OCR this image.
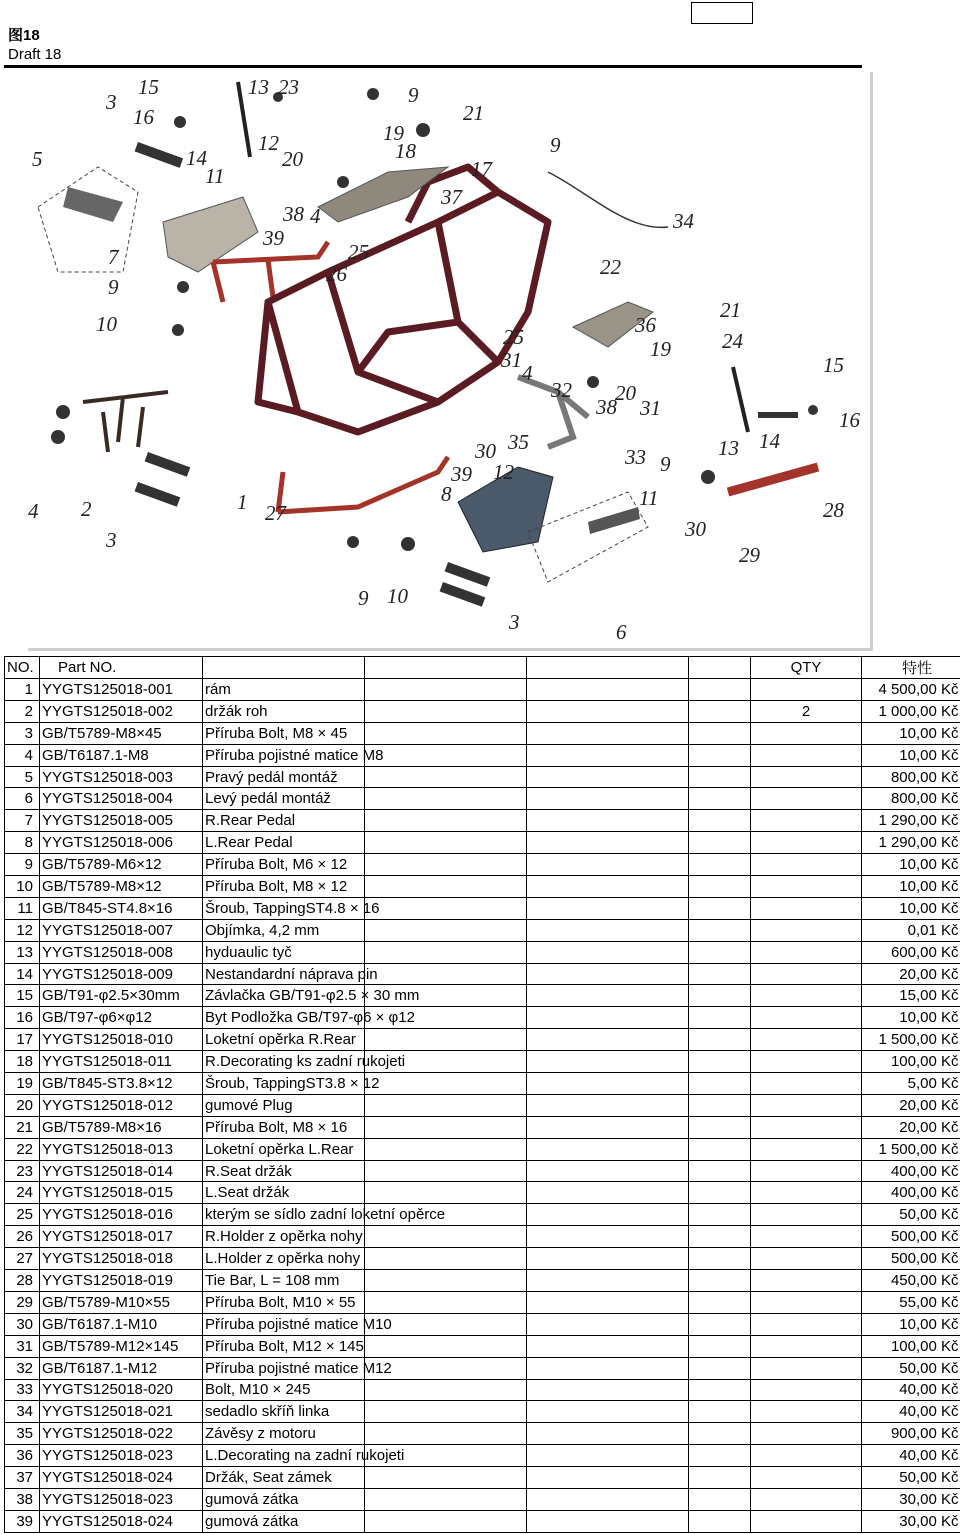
图18
Draft 18
15
3
16
13 23	9
21
5	14
12	19
18
11
20	17
9
37
7
38 4
39
34
25
26
9
22
10
21
36
25
31
4
32
19 24
15
38
20
16
31
13 14
30 35
9
33
8
12
39
11	28
4 2	1 27
30
3
29
9 10
3	6
NO.	Part NO.					QTY	特性
1	YYGTS125018-001	rám					4 500,00 Kč
2	YYGTS125018-002	držák roh				2	1 000,00 Kč
3	GB/T5789-M8×45	Příruba Bolt, M8 × 45					10,00 Kč
4	GB/T6187.1-M8	Příruba pojistné matice M8					10,00 Kč
5	YYGTS125018-003	Pravý pedál montáž					800,00 Kč
6	YYGTS125018-004	Levý pedál montáž					800,00 Kč
7	YYGTS125018-005	R.Rear Pedal					1 290,00 Kč
8	YYGTS125018-006	L.Rear Pedal					1 290,00 Kč
9	GB/T5789-M6×12	Příruba Bolt, M6 × 12					10,00 Kč
10	GB/T5789-M8×12	Příruba Bolt, M8 × 12					10,00 Kč
11	GB/T845-ST4.8×16	Šroub, TappingST4.8 × 16					10,00 Kč
12	YYGTS125018-007	Objímka, 4,2 mm					0,01 Kč
13	YYGTS125018-008	hyduaulic tyč					600,00 Kč
14	YYGTS125018-009	Nestandardní náprava pin					20,00 Kč
15	GB/T91-φ2.5×30mm	Závlačka GB/T91-φ2.5 × 30 mm					15,00 Kč
16	GB/T97-φ6×φ12	Byt Podložka GB/T97-φ6 × φ12					10,00 Kč
17	YYGTS125018-010	Loketní opěrka R.Rear					1 500,00 Kč
18	YYGTS125018-011	R.Decorating ks zadní rukojeti					100,00 Kč
19	GB/T845-ST3.8×12	Šroub, TappingST3.8 × 12					5,00 Kč
20	YYGTS125018-012	gumové Plug					20,00 Kč
21	GB/T5789-M8×16	Příruba Bolt, M8 × 16					20,00 Kč
22	YYGTS125018-013	Loketní opěrka L.Rear					1 500,00 Kč
23	YYGTS125018-014	R.Seat držák					400,00 Kč
24	YYGTS125018-015	L.Seat držák					400,00 Kč
25	YYGTS125018-016	kterým se sídlo zadní loketní opěrce					50,00 Kč
26	YYGTS125018-017	R.Holder z opěrka nohy					500,00 Kč
27	YYGTS125018-018	L.Holder z opěrka nohy					500,00 Kč
28	YYGTS125018-019	Tie Bar, L = 108 mm					450,00 Kč
29	GB/T5789-M10×55	Příruba Bolt, M10 × 55					55,00 Kč
30	GB/T6187.1-M10	Příruba pojistné matice M10					10,00 Kč
31	GB/T5789-M12×145	Příruba Bolt, M12 × 145					100,00 Kč
32	GB/T6187.1-M12	Příruba pojistné matice M12					50,00 Kč
33	YYGTS125018-020	Bolt, M10 × 245					40,00 Kč
34	YYGTS125018-021	sedadlo skříň linka					40,00 Kč
35	YYGTS125018-022	Závěsy z motoru					900,00 Kč
36	YYGTS125018-023	L.Decorating na zadní rukojeti					40,00 Kč
37	YYGTS125018-024	Držák, Seat zámek					50,00 Kč
38	YYGTS125018-023	gumová zátka					30,00 Kč
39	YYGTS125018-024	gumová zátka					30,00 Kč
